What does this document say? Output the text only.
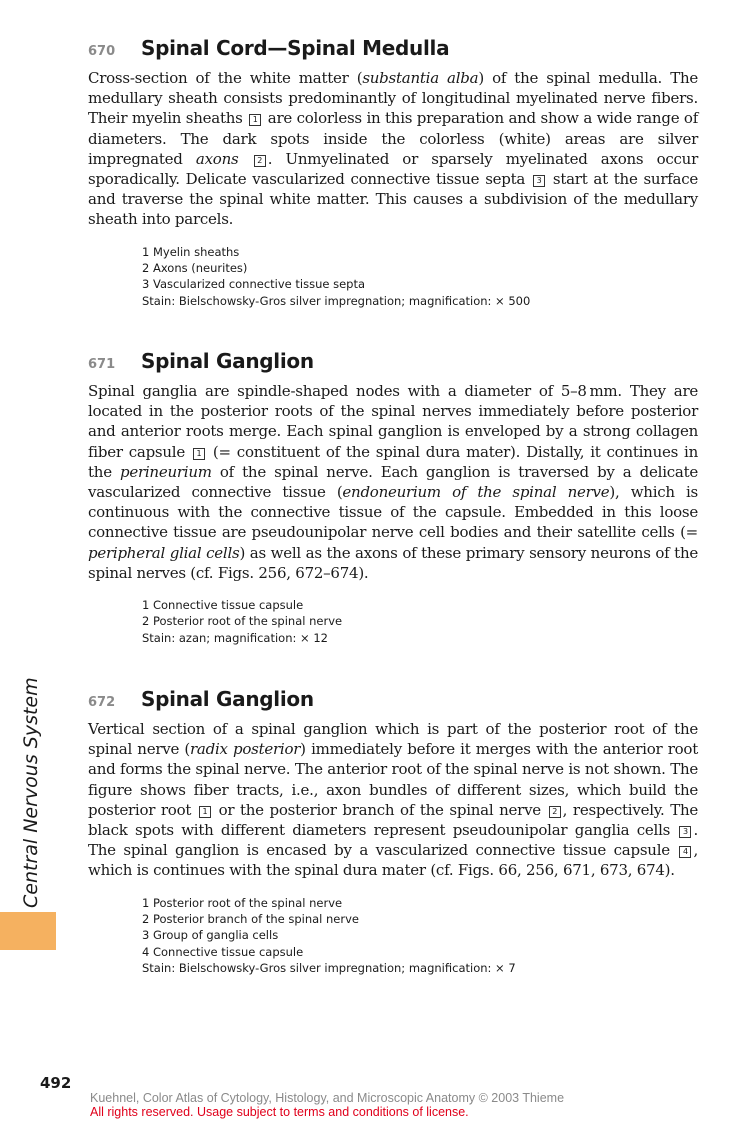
670	Spinal Cord—Spinal Medulla

Cross-section of the white matter (substantia alba) of the spinal medulla. The medullary sheath consists predominantly of longitudinal myelinated nerve fibers. Their myelin sheaths 1 are colorless in this preparation and show a wide range of diameters. The dark spots inside the colorless (white) areas are silver impregnated axons 2 . Unmyelinated or sparsely myelinated axons occur sporadically. Delicate vascularized connective tissue septa 3 start at the surface and traverse the spinal white matter. This causes a subdivision of the medullary sheath into parcels.

1 Myelin sheaths
2 Axons (neurites)
3 Vascularized connective tissue septa
Stain: Bielschowsky-Gros silver impregnation; magnification: × 500
671	Spinal Ganglion

Spinal ganglia are spindle-shaped nodes with a diameter of 5–8 mm. They are located in the posterior roots of the spinal nerves immediately before posterior and anterior roots merge. Each spinal ganglion is enveloped by a strong collagen fiber capsule 1 (= constituent of the spinal dura mater). Distally, it continues in the perineurium of the spinal nerve. Each ganglion is traversed by a delicate vascularized connective tissue (endoneurium of the spinal nerve), which is continuous with the connective tissue of the capsule. Embedded in this loose connective tissue are pseudounipolar nerve cell bodies and their satellite cells (= peripheral glial cells) as well as the axons of these primary sensory neurons of the spinal nerves (cf. Figs. 256, 672–674).

1 Connective tissue capsule
2 Posterior root of the spinal nerve
Stain: azan; magnification: × 12
672	Spinal Ganglion

Vertical section of a spinal ganglion which is part of the posterior root of the spinal nerve (radix posterior) immediately before it merges with the anterior root and forms the spinal nerve. The anterior root of the spinal nerve is not shown. The figure shows fiber tracts, i.e., axon bundles of different sizes, which build the posterior root 1 or the posterior branch of the spinal nerve 2 , respectively. The black spots with different diameters represent pseudounipolar ganglia cells 3 . The spinal ganglion is encased by a vascularized connective tissue capsule 4 , which is continues with the spinal dura mater (cf. Figs. 66, 256, 671, 673, 674).

1 Posterior root of the spinal nerve
2 Posterior branch of the spinal nerve
3 Group of ganglia cells
4 Connective tissue capsule
Stain: Bielschowsky-Gros silver impregnation; magnification: × 7
Central Nervous System
492
Kuehnel, Color Atlas of Cytology, Histology, and Microscopic Anatomy © 2003 Thieme
All rights reserved. Usage subject to terms and conditions of license.
